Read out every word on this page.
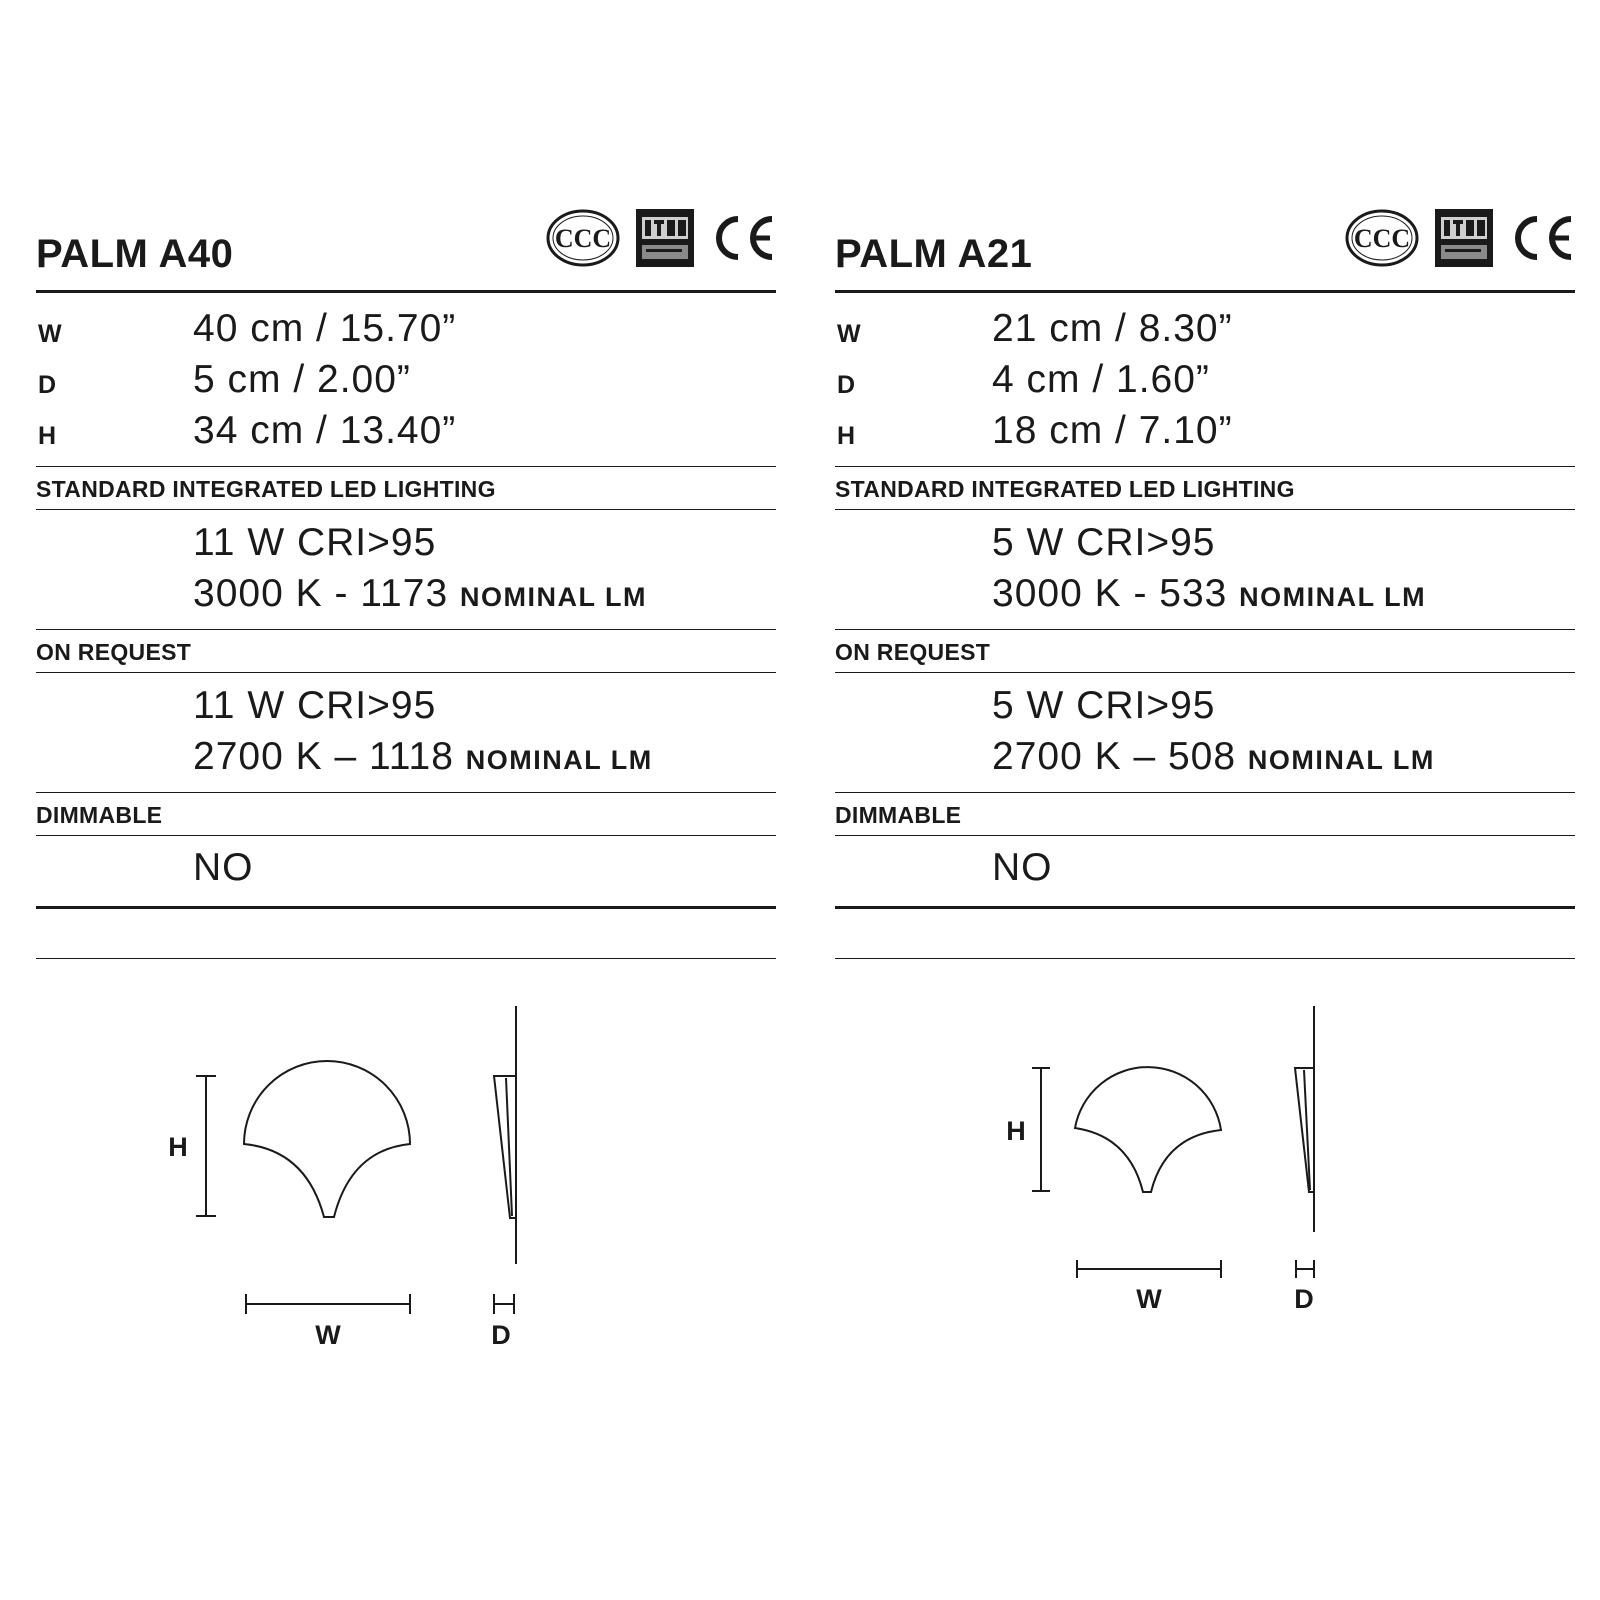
PALM A40	CCC
W	40 cm / 15.70”
D	5 cm / 2.00”
H	34 cm / 13.40”
STANDARD INTEGRATED LED LIGHTING
11 W CRI>95
3000 K - 1173 NOMINAL LM
ON REQUEST
11 W CRI>95
2700 K – 1118 NOMINAL LM
DIMMABLE
NO
H
W	D
PALM A21	CCC
W	21 cm / 8.30”
D	4 cm / 1.60”
H	18 cm / 7.10”
STANDARD INTEGRATED LED LIGHTING
5 W CRI>95
3000 K - 533 NOMINAL LM
ON REQUEST
5 W CRI>95
2700 K – 508 NOMINAL LM
DIMMABLE
NO
H
W	D
